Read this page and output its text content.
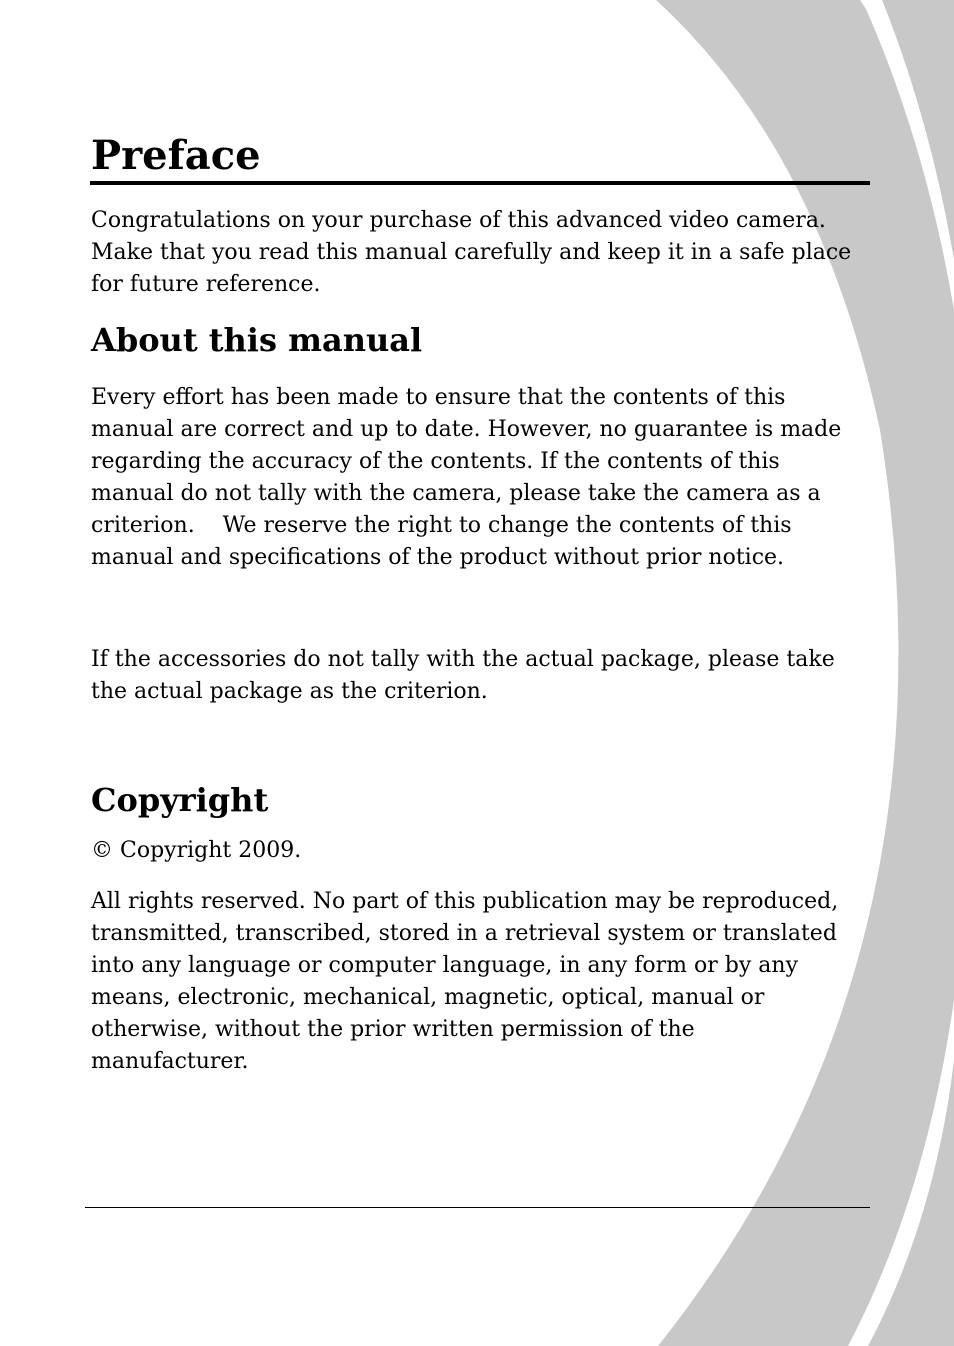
Preface

Congratulations on your purchase of this advanced video camera.

Make that you read this manual carefully and keep it in a safe place

for future reference.

About this manual

Every effort has been made to ensure that the contents of this

manual are correct and up to date. However, no guarantee is made

regarding the accuracy of the contents. If the contents of this

manual do not tally with the camera, please take the camera as a

criterion.    We reserve the right to change the contents of this

manual and specifications of the product without prior notice.

If the accessories do not tally with the actual package, please take

the actual package as the criterion.

Copyright

© Copyright 2009.

All rights reserved. No part of this publication may be reproduced,

transmitted, transcribed, stored in a retrieval system or translated

into any language or computer language, in any form or by any

means, electronic, mechanical, magnetic, optical, manual or

otherwise, without the prior written permission of the

manufacturer.
